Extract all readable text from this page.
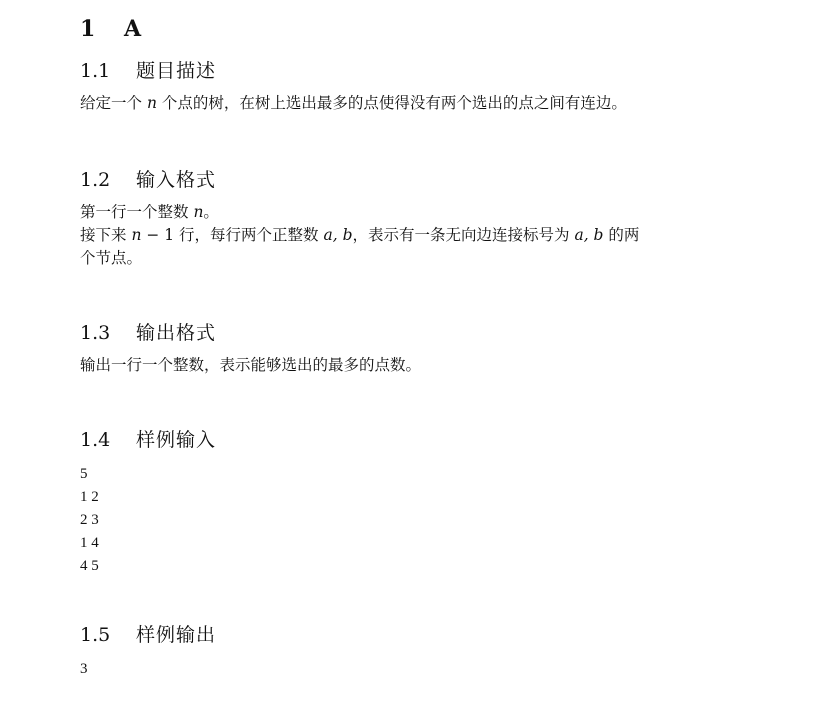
1 A
1.1 题目描述

给定一个 n 个点的树，在树上选出最多的点使得没有两个选出的点之间有连边。

1.2 输入格式

第一行一个整数 n。
接下来 n − 1 行，每行两个正整数 a, b，表示有一条无向边连接标号为 a, b 的两
个节点。

1.3 输出格式

输出一行一个整数，表示能够选出的最多的点数。

1.4 样例输入
5
1 2
2 3
1 4
4 5
1.5 样例输出
3
